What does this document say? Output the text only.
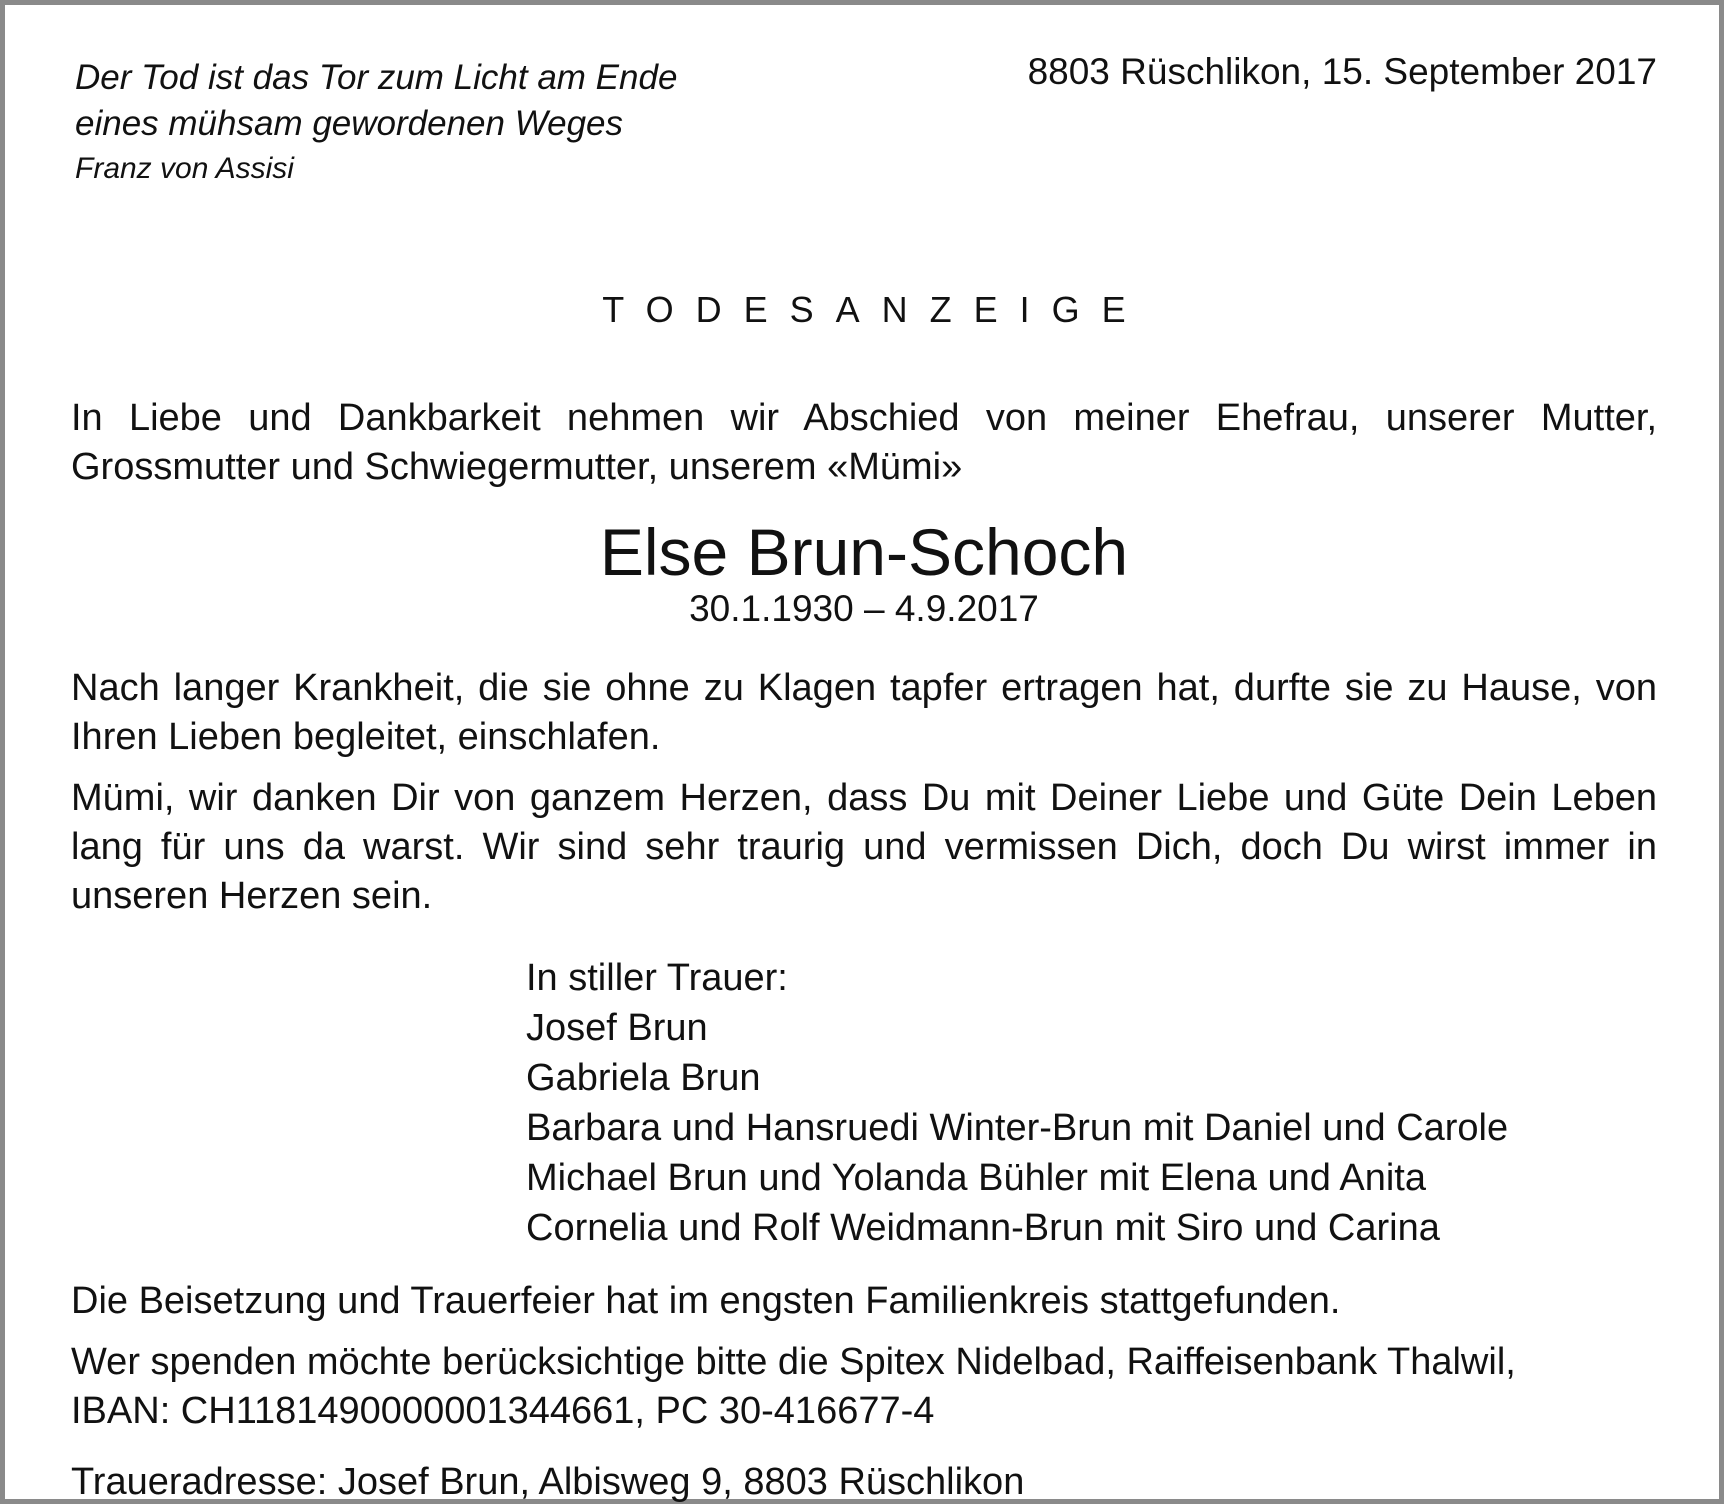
Der Tod ist das Tor zum Licht am Ende
eines mühsam gewordenen Weges
Franz von Assisi
8803 Rüschlikon, 15. September 2017
TODESANZEIGE

In Liebe und Dankbarkeit nehmen wir Abschied von meiner Ehefrau, unserer Mutter, Grossmutter und Schwiegermutter, unserem «Mümi»

Else Brun-Schoch
30.1.1930 – 4.9.2017

Nach langer Krankheit, die sie ohne zu Klagen tapfer ertragen hat, durfte sie zu Hause, von Ihren Lieben begleitet, einschlafen.

Mümi, wir danken Dir von ganzem Herzen, dass Du mit Deiner Liebe und Güte Dein Leben lang für uns da warst. Wir sind sehr traurig und vermissen Dich, doch Du wirst immer in unseren Herzen sein.

In stiller Trauer:
Josef Brun
Gabriela Brun
Barbara und Hansruedi Winter-Brun mit Daniel und Carole
Michael Brun und Yolanda Bühler mit Elena und Anita
Cornelia und Rolf Weidmann-Brun mit Siro und Carina

Die Beisetzung und Trauerfeier hat im engsten Familienkreis stattgefunden.

Wer spenden möchte berücksichtige bitte die Spitex Nidelbad, Raiffeisenbank Thalwil,
IBAN: CH1181490000001344661, PC 30-416677-4

Traueradresse: Josef Brun, Albisweg 9, 8803 Rüschlikon
